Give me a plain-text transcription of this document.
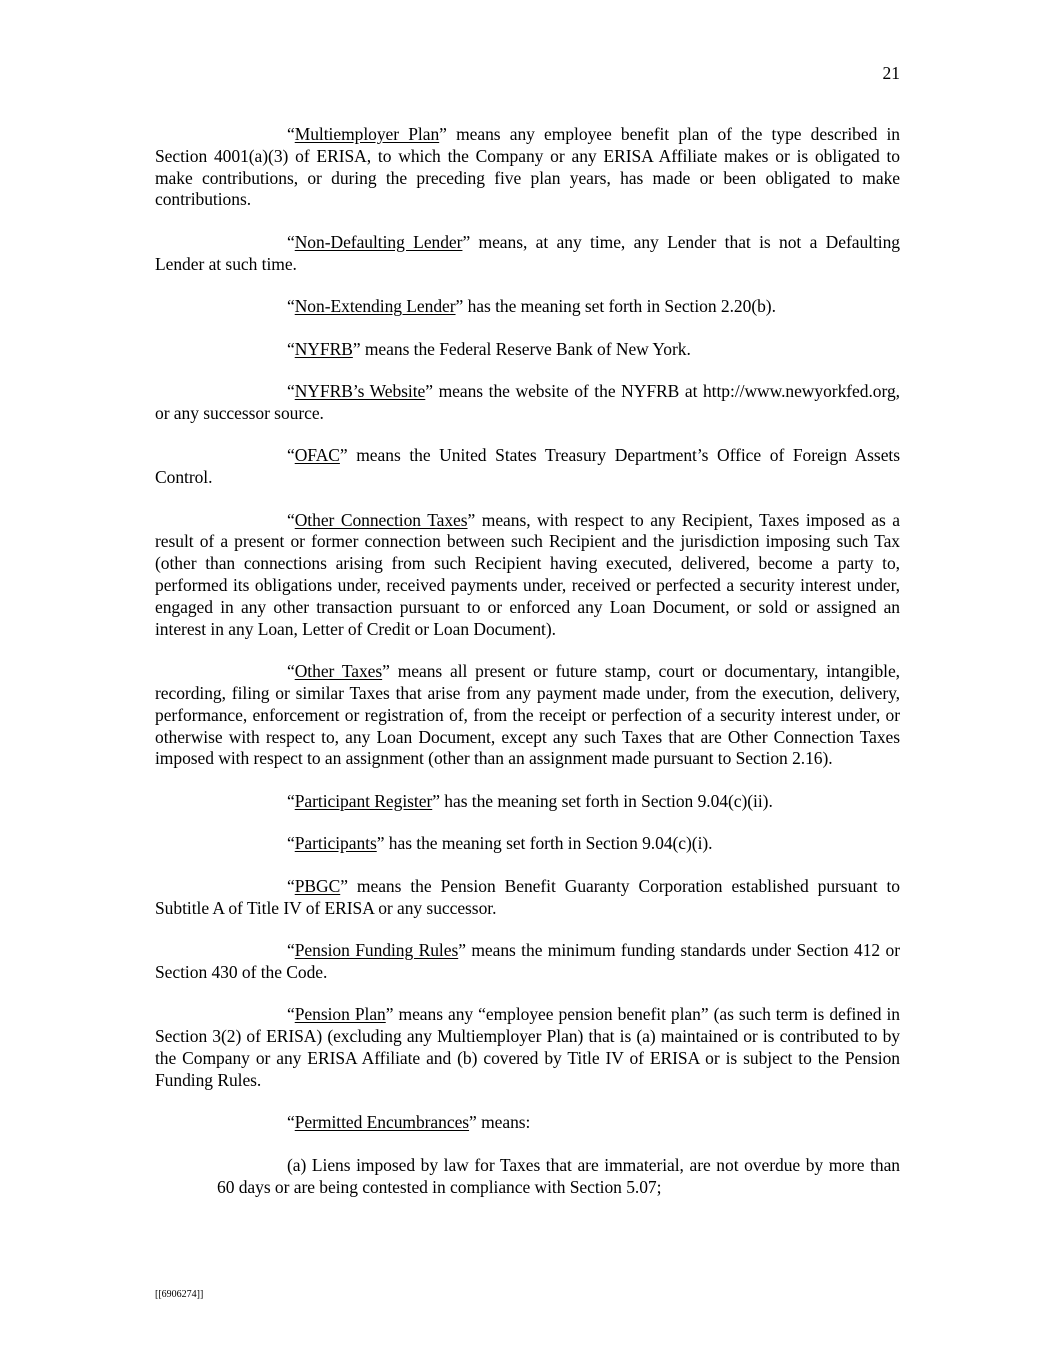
21

“Multiemployer Plan” means any employee benefit plan of the type described in Section 4001(a)(3) of ERISA, to which the Company or any ERISA Affiliate makes or is obligated to make contributions, or during the preceding five plan years, has made or been obligated to make contributions.

“Non-Defaulting Lender” means, at any time, any Lender that is not a Defaulting Lender at such time.

“Non-Extending Lender” has the meaning set forth in Section 2.20(b).

“NYFRB” means the Federal Reserve Bank of New York.

“NYFRB’s Website” means the website of the NYFRB at http://www.newyorkfed.org, or any successor source.

“OFAC” means the United States Treasury Department’s Office of Foreign Assets Control.

“Other Connection Taxes” means, with respect to any Recipient, Taxes imposed as a result of a present or former connection between such Recipient and the jurisdiction imposing such Tax (other than connections arising from such Recipient having executed, delivered, become a party to, performed its obligations under, received payments under, received or perfected a security interest under, engaged in any other transaction pursuant to or enforced any Loan Document, or sold or assigned an interest in any Loan, Letter of Credit or Loan Document).

“Other Taxes” means all present or future stamp, court or documentary, intangible, recording, filing or similar Taxes that arise from any payment made under, from the execution, delivery, performance, enforcement or registration of, from the receipt or perfection of a security interest under, or otherwise with respect to, any Loan Document, except any such Taxes that are Other Connection Taxes imposed with respect to an assignment (other than an assignment made pursuant to Section 2.16).

“Participant Register” has the meaning set forth in Section 9.04(c)(ii).

“Participants” has the meaning set forth in Section 9.04(c)(i).

“PBGC” means the Pension Benefit Guaranty Corporation established pursuant to Subtitle A of Title IV of ERISA or any successor.

“Pension Funding Rules” means the minimum funding standards under Section 412 or Section 430 of the Code.

“Pension Plan” means any “employee pension benefit plan” (as such term is defined in Section 3(2) of ERISA) (excluding any Multiemployer Plan) that is (a) maintained or is contributed to by the Company or any ERISA Affiliate and (b) covered by Title IV of ERISA or is subject to the Pension Funding Rules.

“Permitted Encumbrances” means:

(a) Liens imposed by law for Taxes that are immaterial, are not overdue by more than 60 days or are being contested in compliance with Section 5.07;

[[6906274]]
